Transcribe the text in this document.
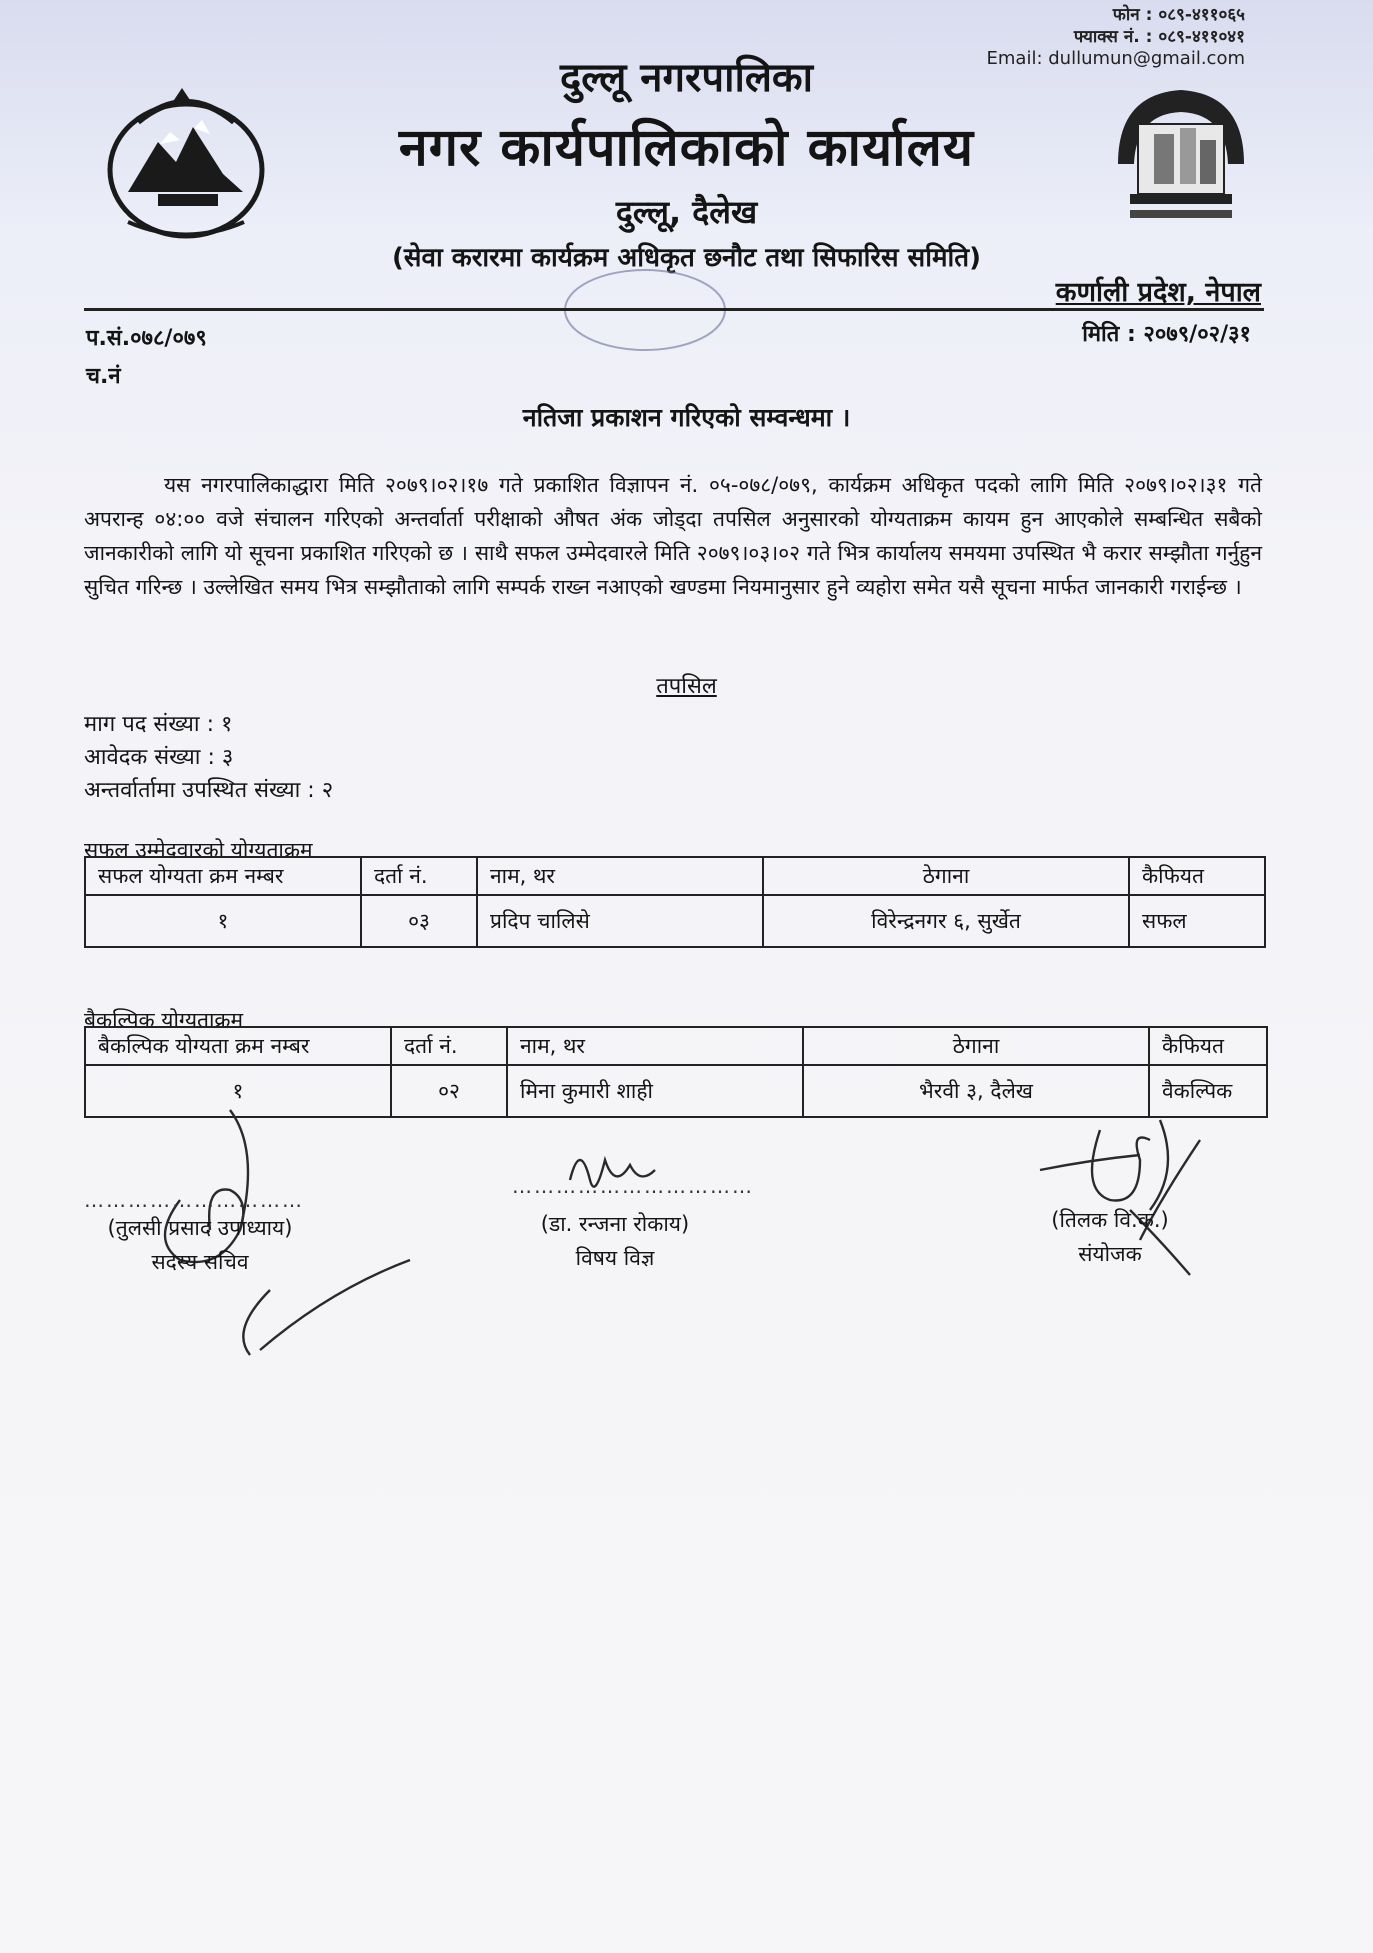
फोन : ०८९-४११०६५
फ्याक्स नं. : ०८९-४११०४१
Email: dullumun@gmail.com
दुल्लू नगरपालिका
नगर कार्यपालिकाको कार्यालय
दुल्लू, दैलेख
(सेवा करारमा कार्यक्रम अधिकृत छनौट तथा सिफारिस समिति)
कर्णाली प्रदेश, नेपाल
प.सं.०७८/०७९
च.नं
मिति : २०७९/०२/३१
नतिजा प्रकाशन गरिएको सम्वन्धमा ।
यस नगरपालिकाद्धारा मिति २०७९।०२।१७ गते प्रकाशित विज्ञापन नं. ०५-०७८/०७९, कार्यक्रम अधिकृत पदको लागि मिति २०७९।०२।३१ गते अपरान्ह ०४:०० वजे संचालन गरिएको अन्तर्वार्ता परीक्षाको औषत अंक जोड्दा तपसिल अनुसारको योग्यताक्रम कायम हुन आएकोले सम्बन्धित सबैको जानकारीको लागि यो सूचना प्रकाशित गरिएको छ । साथै सफल उम्मेदवारले मिति २०७९।०३।०२ गते भित्र कार्यालय समयमा उपस्थित भै करार सम्झौता गर्नुहुन सुचित गरिन्छ । उल्लेखित समय भित्र सम्झौताको लागि सम्पर्क राख्न नआएको खण्डमा नियमानुसार हुने व्यहोरा समेत यसै सूचना मार्फत जानकारी गराईन्छ ।
तपसिल
माग पद संख्या : १
आवेदक संख्या : ३
अन्तर्वार्तामा उपस्थित संख्या : २
सफल उम्मेदवारको योग्यताक्रम
सफल योग्यता क्रम नम्बर	दर्ता नं.	नाम, थर	ठेगाना	कैफियत
१	०३	प्रदिप चालिसे	विरेन्द्रनगर ६, सुर्खेत	सफल
बैकल्पिक योग्यताक्रम
बैकल्पिक योग्यता क्रम नम्बर	दर्ता नं.	नाम, थर	ठेगाना	कैफियत
१	०२	मिना कुमारी शाही	भैरवी ३, दैलेख	वैकल्पिक
…………………………
(तुलसी प्रसाद उपाध्याय)
सदस्य सचिव
……………………………
(डा. रन्जना रोकाय)
विषय विज्ञ
(तिलक वि.क.)
संयोजक
